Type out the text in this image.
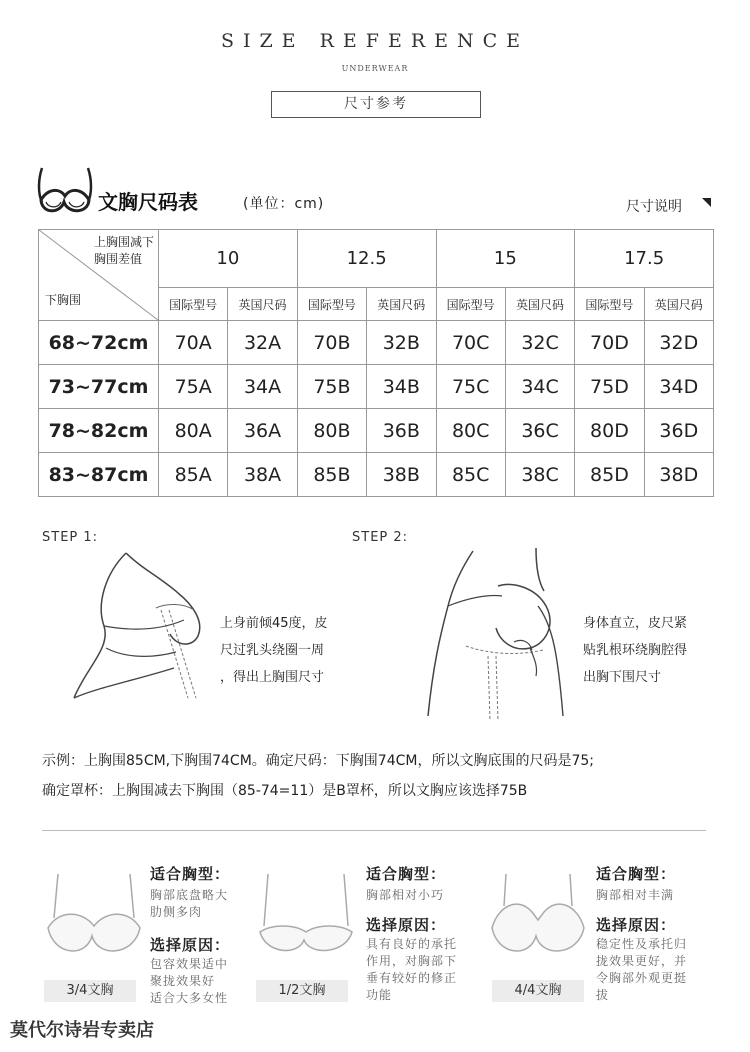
SIZE REFERENCE
UNDERWEAR
尺寸参考
文胸尺码表	(单位：cm)	尺寸说明
上胸围减下
胸围差值
下胸围	10		12.5		15		17.5	
	国际型号	英国尺码	国际型号	英国尺码	国际型号	英国尺码	国际型号	英国尺码
68~72cm	70A	32A	70B	32B	70C	32C	70D	32D
73~77cm	75A	34A	75B	34B	75C	34C	75D	34D
78~82cm	80A	36A	80B	36B	80C	36C	80D	36D
83~87cm	85A	38A	85B	38B	85C	38C	85D	38D
STEP 1:
上身前倾45度，皮
尺过乳头绕圈一周
，得出上胸围尺寸
STEP 2:
身体直立，皮尺紧
贴乳根环绕胸腔得
出胸下围尺寸
示例：上胸围85CM,下胸围74CM。确定尺码：下胸围74CM，所以文胸底围的尺码是75;
确定罩杯：上胸围减去下胸围（85-74=11）是B罩杯，所以文胸应该选择75B
3/4文胸
适合胸型：
胸部底盘略大
肋侧多肉
选择原因：
包容效果适中
聚拢效果好
适合大多女性	1/2文胸
适合胸型：
胸部相对小巧
选择原因：
具有良好的承托
作用，对胸部下
垂有较好的修正
功能	4/4文胸
适合胸型：
胸部相对丰满
选择原因：
稳定性及承托归
拢效果更好，并
令胸部外观更挺
拔
莫代尔诗岩专卖店
